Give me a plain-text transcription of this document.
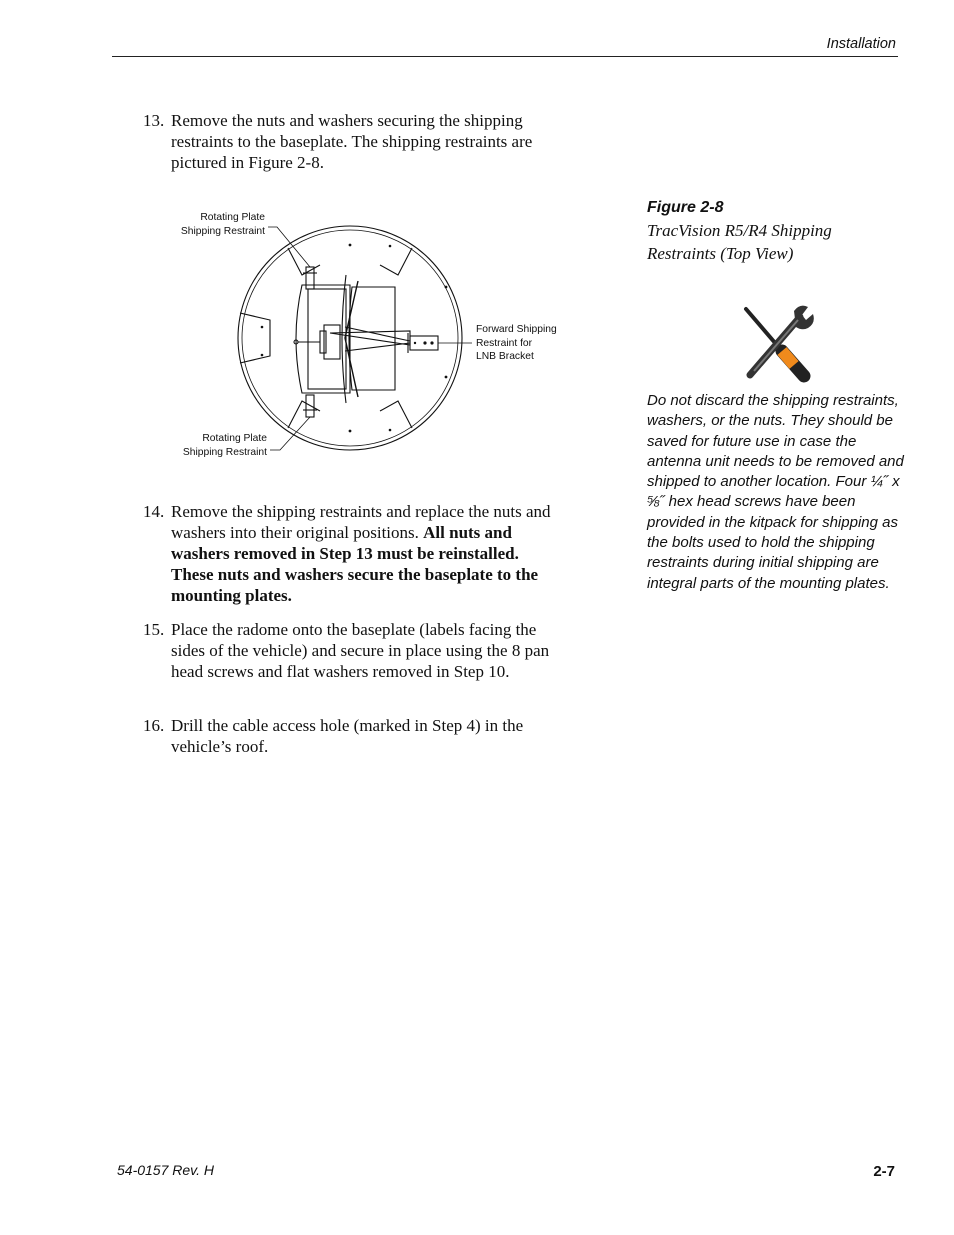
Installation
13. Remove the nuts and washers securing the shipping restraints to the baseplate. The shipping restraints are pictured in Figure 2-8.
Rotating Plate
Shipping Restraint
Rotating Plate
Shipping Restraint
Forward Shipping
Restraint for
LNB Bracket
Figure 2-8
TracVision R5/R4 Shipping Restraints (Top View)
Do not discard the shipping restraints, washers, or the nuts. They should be saved for future use in case the antenna unit needs to be removed and shipped to another location. Four ¼˝ x ⅝˝ hex head screws have been provided in the kitpack for shipping as the bolts used to hold the shipping restraints during initial shipping are integral parts of the mounting plates.
14. Remove the shipping restraints and replace the nuts and washers into their original positions. All nuts and washers removed in Step 13 must be reinstalled. These nuts and washers secure the baseplate to the mounting plates.
15. Place the radome onto the baseplate (labels facing the sides of the vehicle) and secure in place using the 8 pan head screws and flat washers removed in Step 10.
16. Drill the cable access hole (marked in Step 4) in the vehicle’s roof.
54-0157 Rev. H	2-7
